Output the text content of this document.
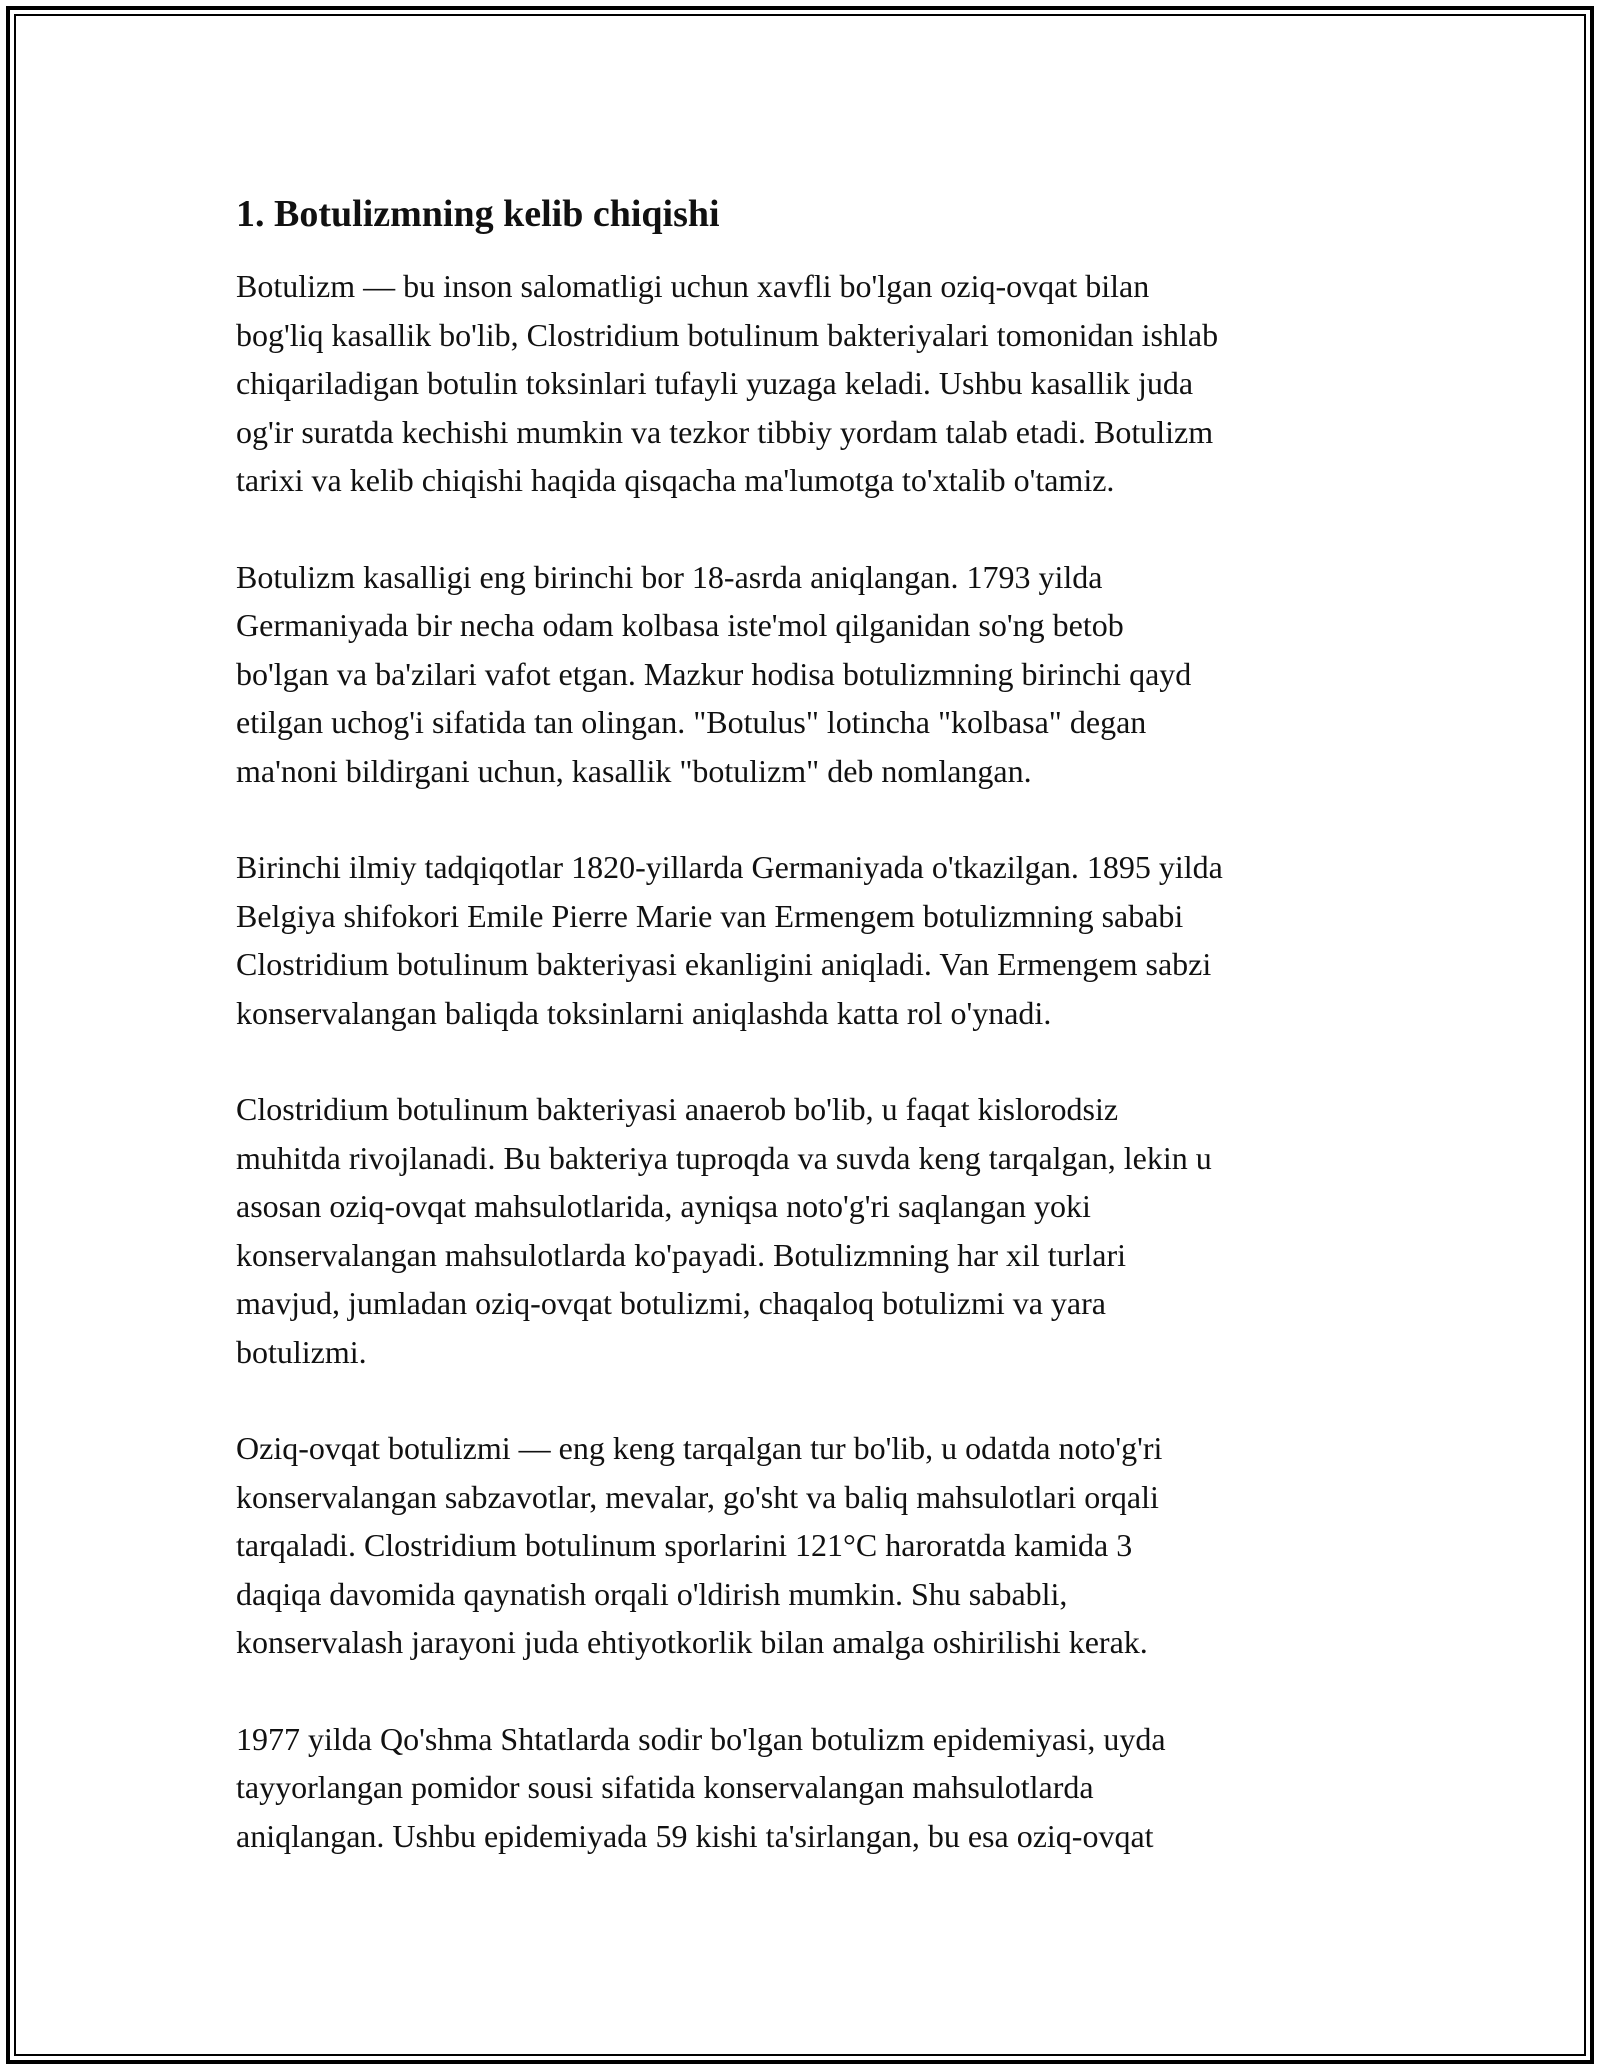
1. Botulizmning kelib chiqishi

Botulizm — bu inson salomatligi uchun xavfli bo'lgan oziq-ovqat bilan
bog'liq kasallik bo'lib, Clostridium botulinum bakteriyalari tomonidan ishlab
chiqariladigan botulin toksinlari tufayli yuzaga keladi. Ushbu kasallik juda
og'ir suratda kechishi mumkin va tezkor tibbiy yordam talab etadi. Botulizm
tarixi va kelib chiqishi haqida qisqacha ma'lumotga to'xtalib o'tamiz.

Botulizm kasalligi eng birinchi bor 18-asrda aniqlangan. 1793 yilda
Germaniyada bir necha odam kolbasa iste'mol qilganidan so'ng betob
bo'lgan va ba'zilari vafot etgan. Mazkur hodisa botulizmning birinchi qayd
etilgan uchog'i sifatida tan olingan. "Botulus" lotincha "kolbasa" degan
ma'noni bildirgani uchun, kasallik "botulizm" deb nomlangan.

Birinchi ilmiy tadqiqotlar 1820-yillarda Germaniyada o'tkazilgan. 1895 yilda
Belgiya shifokori Emile Pierre Marie van Ermengem botulizmning sababi
Clostridium botulinum bakteriyasi ekanligini aniqladi. Van Ermengem sabzi
konservalangan baliqda toksinlarni aniqlashda katta rol o'ynadi.

Clostridium botulinum bakteriyasi anaerob bo'lib, u faqat kislorodsiz
muhitda rivojlanadi. Bu bakteriya tuproqda va suvda keng tarqalgan, lekin u
asosan oziq-ovqat mahsulotlarida, ayniqsa noto'g'ri saqlangan yoki
konservalangan mahsulotlarda ko'payadi. Botulizmning har xil turlari
mavjud, jumladan oziq-ovqat botulizmi, chaqaloq botulizmi va yara
botulizmi.

Oziq-ovqat botulizmi — eng keng tarqalgan tur bo'lib, u odatda noto'g'ri
konservalangan sabzavotlar, mevalar, go'sht va baliq mahsulotlari orqali
tarqaladi. Clostridium botulinum sporlarini 121°C haroratda kamida 3
daqiqa davomida qaynatish orqali o'ldirish mumkin. Shu sababli,
konservalash jarayoni juda ehtiyotkorlik bilan amalga oshirilishi kerak.

1977 yilda Qo'shma Shtatlarda sodir bo'lgan botulizm epidemiyasi, uyda
tayyorlangan pomidor sousi sifatida konservalangan mahsulotlarda
aniqlangan. Ushbu epidemiyada 59 kishi ta'sirlangan, bu esa oziq-ovqat
